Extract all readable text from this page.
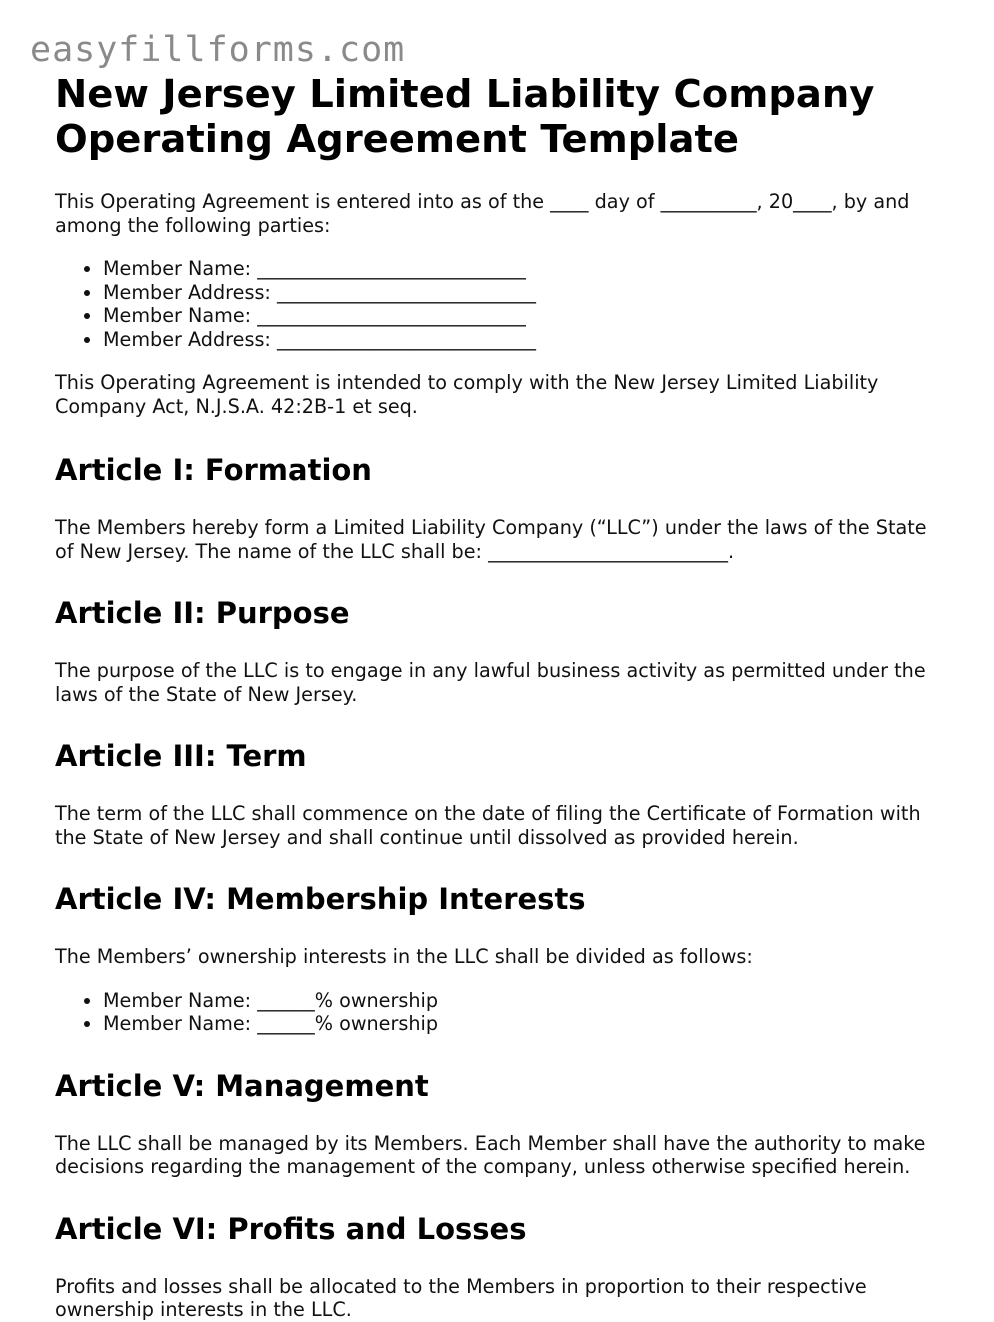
easyfillforms.com
New Jersey Limited Liability Company Operating Agreement Template

This Operating Agreement is entered into as of the ____ day of __________, 20____, by and among the following parties:

• Member Name: ____________________________
• Member Address: ___________________________
• Member Name: ____________________________
• Member Address: ___________________________

This Operating Agreement is intended to comply with the New Jersey Limited Liability Company Act, N.J.S.A. 42:2B-1 et seq.

Article I: Formation

The Members hereby form a Limited Liability Company (“LLC”) under the laws of the State of New Jersey. The name of the LLC shall be: _________________________.

Article II: Purpose

The purpose of the LLC is to engage in any lawful business activity as permitted under the laws of the State of New Jersey.

Article III: Term

The term of the LLC shall commence on the date of filing the Certificate of Formation with the State of New Jersey and shall continue until dissolved as provided herein.

Article IV: Membership Interests

The Members’ ownership interests in the LLC shall be divided as follows:

• Member Name: ______% ownership
• Member Name: ______% ownership
Article V: Management

The LLC shall be managed by its Members. Each Member shall have the authority to make decisions regarding the management of the company, unless otherwise specified herein.

Article VI: Profits and Losses

Profits and losses shall be allocated to the Members in proportion to their respective ownership interests in the LLC.
